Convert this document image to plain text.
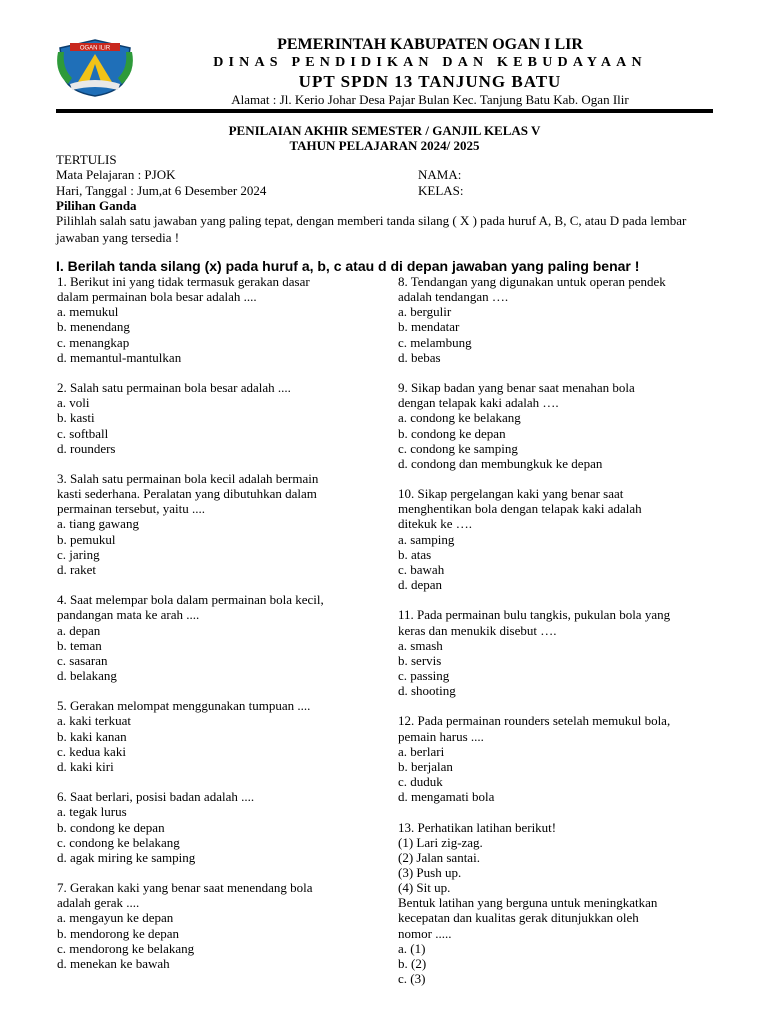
OGAN ILIR	PEMERINTAH KABUPATEN OGAN I LIR
DINAS PENDIDIKAN DAN KEBUDAYAAN
UPT SPDN 13 TANJUNG BATU
Alamat : Jl. Kerio Johar Desa Pajar Bulan Kec. Tanjung Batu Kab. Ogan Ilir
PENILAIAN AKHIR SEMESTER / GANJIL KELAS V
TAHUN PELAJARAN 2024/ 2025
TERTULIS
Mata Pelajaran : PJOK	NAMA:
Hari, Tanggal : Jum,at 6 Desember 2024	KELAS:
Pilihan Ganda
Pilihlah salah satu jawaban yang paling tepat, dengan memberi tanda silang ( X ) pada huruf A, B, C, atau D pada lembar jawaban yang tersedia !
I. Berilah tanda silang (x) pada huruf a, b, c atau d di depan jawaban yang paling benar !

1. Berikut ini yang tidak termasuk gerakan dasar

dalam permainan bola besar adalah ....

a. memukul

b. menendang

c. menangkap

d. memantul-mantulkan

2. Salah satu permainan bola besar adalah ....

a. voli

b. kasti

c. softball

d. rounders

3. Salah satu permainan bola kecil adalah bermain

kasti sederhana. Peralatan yang dibutuhkan dalam

permainan tersebut, yaitu ....

a. tiang gawang

b. pemukul

c. jaring

d. raket

4. Saat melempar bola dalam permainan bola kecil,

pandangan mata ke arah ....

a. depan

b. teman

c. sasaran

d. belakang

5. Gerakan melompat menggunakan tumpuan ....

a. kaki terkuat

b. kaki kanan

c. kedua kaki

d. kaki kiri

6. Saat berlari, posisi badan adalah ....

a. tegak lurus

b. condong ke depan

c. condong ke belakang

d. agak miring ke samping

7. Gerakan kaki yang benar saat menendang bola

adalah gerak ....

a. mengayun ke depan

b. mendorong ke depan

c. mendorong ke belakang

d. menekan ke bawah

8. Tendangan yang digunakan untuk operan pendek

adalah tendangan ….

a. bergulir

b. mendatar

c. melambung

d. bebas

9. Sikap badan yang benar saat menahan bola

dengan telapak kaki adalah ….

a. condong ke belakang

b. condong ke depan

c. condong ke samping

d. condong dan membungkuk ke depan

10. Sikap pergelangan kaki yang benar saat

menghentikan bola dengan telapak kaki adalah

ditekuk ke ….

a. samping

b. atas

c. bawah

d. depan

11. Pada permainan bulu tangkis, pukulan bola yang

keras dan menukik disebut ….

a. smash

b. servis

c. passing

d. shooting

12. Pada permainan rounders setelah memukul bola,

pemain harus ....

a. berlari

b. berjalan

c. duduk

d. mengamati bola

13. Perhatikan latihan berikut!

(1) Lari zig-zag.

(2) Jalan santai.

(3) Push up.

(4) Sit up.

Bentuk latihan yang berguna untuk meningkatkan

kecepatan dan kualitas gerak ditunjukkan oleh

nomor .....

a. (1)

b. (2)

c. (3)
